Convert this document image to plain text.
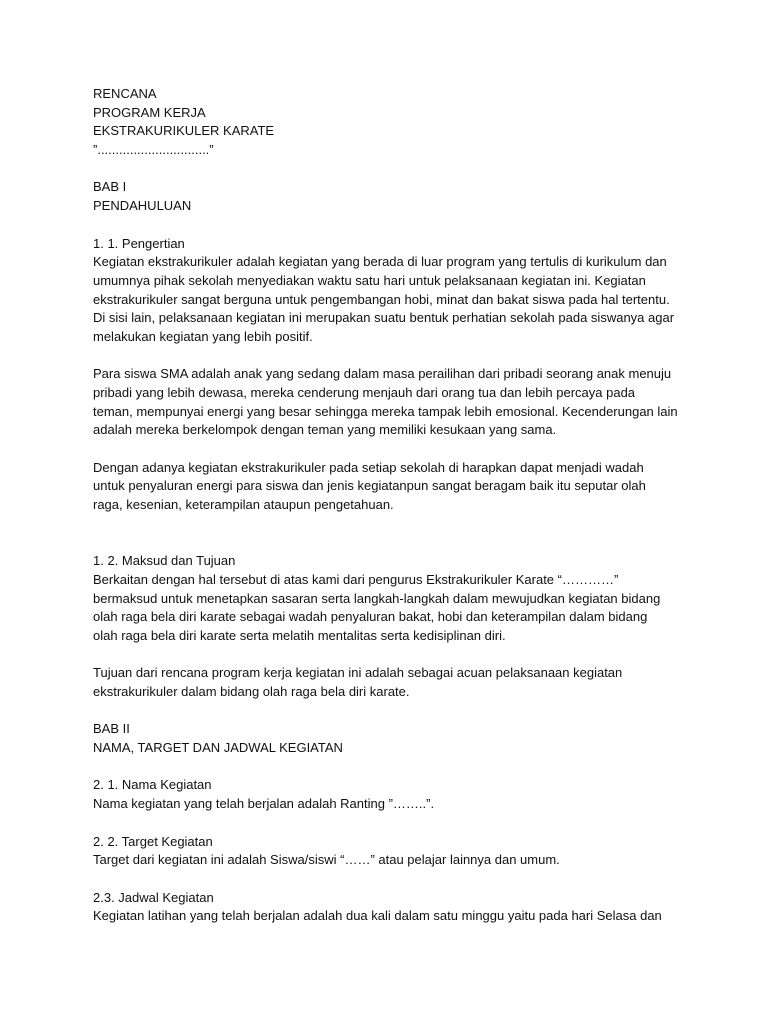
RENCANA
PROGRAM KERJA
EKSTRAKURIKULER KARATE
”...............................”
BAB I
PENDAHULUAN
1. 1. Pengertian
Kegiatan ekstrakurikuler adalah kegiatan yang berada di luar program yang tertulis di kurikulum dan
umumnya pihak sekolah menyediakan waktu satu hari untuk pelaksanaan kegiatan ini. Kegiatan
ekstrakurikuler sangat berguna untuk pengembangan hobi, minat dan bakat siswa pada hal tertentu.
Di sisi lain, pelaksanaan kegiatan ini merupakan suatu bentuk perhatian sekolah pada siswanya agar
melakukan kegiatan yang lebih positif.
Para siswa SMA adalah anak yang sedang dalam masa perailihan dari pribadi seorang anak menuju
pribadi yang lebih dewasa, mereka cenderung menjauh dari orang tua dan lebih percaya pada
teman, mempunyai energi yang besar sehingga mereka tampak lebih emosional. Kecenderungan lain
adalah mereka berkelompok dengan teman yang memiliki kesukaan yang sama.
Dengan adanya kegiatan ekstrakurikuler pada setiap sekolah di harapkan dapat menjadi wadah
untuk penyaluran energi para siswa dan jenis kegiatanpun sangat beragam baik itu seputar olah
raga, kesenian, keterampilan ataupun pengetahuan.
1. 2. Maksud dan Tujuan
Berkaitan dengan hal tersebut di atas kami dari pengurus Ekstrakurikuler Karate “…………”
bermaksud untuk menetapkan sasaran serta langkah-langkah dalam mewujudkan kegiatan bidang
olah raga bela diri karate sebagai wadah penyaluran bakat, hobi dan keterampilan dalam bidang
olah raga bela diri karate serta melatih mentalitas serta kedisiplinan diri.
Tujuan dari rencana program kerja kegiatan ini adalah sebagai acuan pelaksanaan kegiatan
ekstrakurikuler dalam bidang olah raga bela diri karate.
BAB II
NAMA, TARGET DAN JADWAL KEGIATAN
2. 1. Nama Kegiatan
Nama kegiatan yang telah berjalan adalah Ranting ”……..”.
2. 2. Target Kegiatan
Target dari kegiatan ini adalah Siswa/siswi “……” atau pelajar lainnya dan umum.
2.3. Jadwal Kegiatan
Kegiatan latihan yang telah berjalan adalah dua kali dalam satu minggu yaitu pada hari Selasa dan
